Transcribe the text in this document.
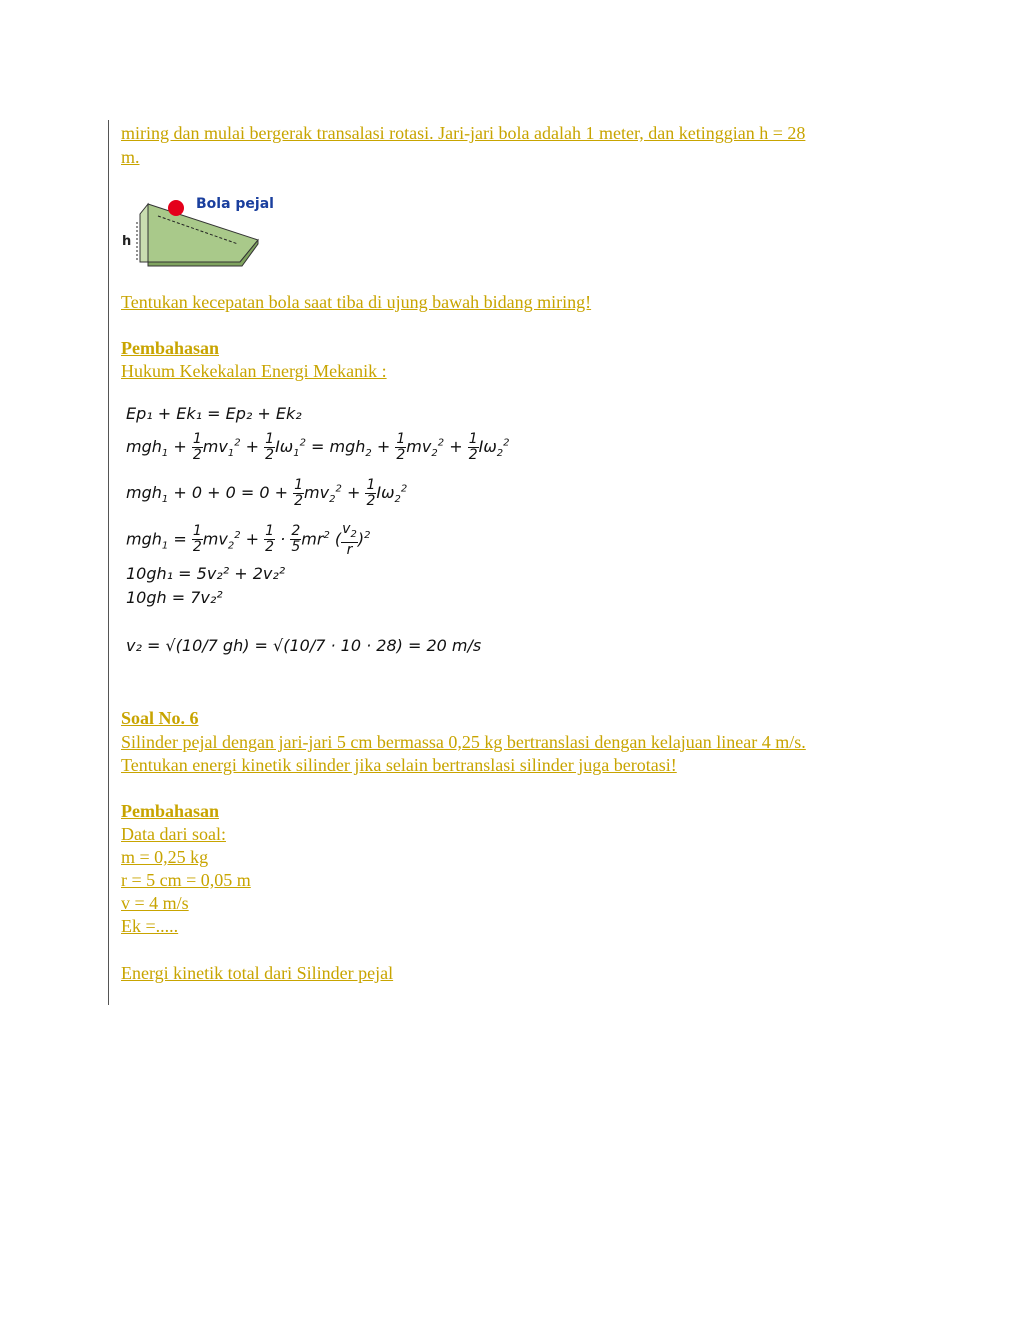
miring dan mulai bergerak transalasi rotasi. Jari-jari bola adalah 1 meter, dan ketinggian h = 28
m.
h
Bola pejal
Tentukan kecepatan bola saat tiba di ujung bawah bidang miring!
Pembahasan
Hukum Kekekalan Energi Mekanik :
Ep₁ + Ek₁ = Ep₂ + Ek₂
$mgh_1 + \frac{1}{2} mv_1^2 + \frac{1}{2} I\omega_1^2 = mgh_2 + \frac{1}{2} mv_2^2 + \frac{1}{2} I\omega_2^2$
$mgh_1 + 0 + 0 = 0 + \frac{1}{2} mv_2^2 + \frac{1}{2} I\omega_2^2$
$mgh_1 = \frac{1}{2} mv_2^2 + \frac{1}{2} \cdot \frac{2}{5} mr^2$ ( $\frac{v_2}{r} )^2$
10gh₁ = 5v₂² + 2v₂²
10gh = 7v₂²
v₂ = √(10/7 gh) = √(10/7 · 10 · 28) = 20 m/s
Soal No. 6
Silinder pejal dengan jari-jari 5 cm bermassa 0,25 kg bertranslasi dengan kelajuan linear 4 m/s.
Tentukan energi kinetik silinder jika selain bertranslasi silinder juga berotasi!
Pembahasan
Data dari soal:
m = 0,25 kg
r = 5 cm = 0,05 m
v = 4 m/s
Ek =.....
Energi kinetik total dari Silinder pejal
